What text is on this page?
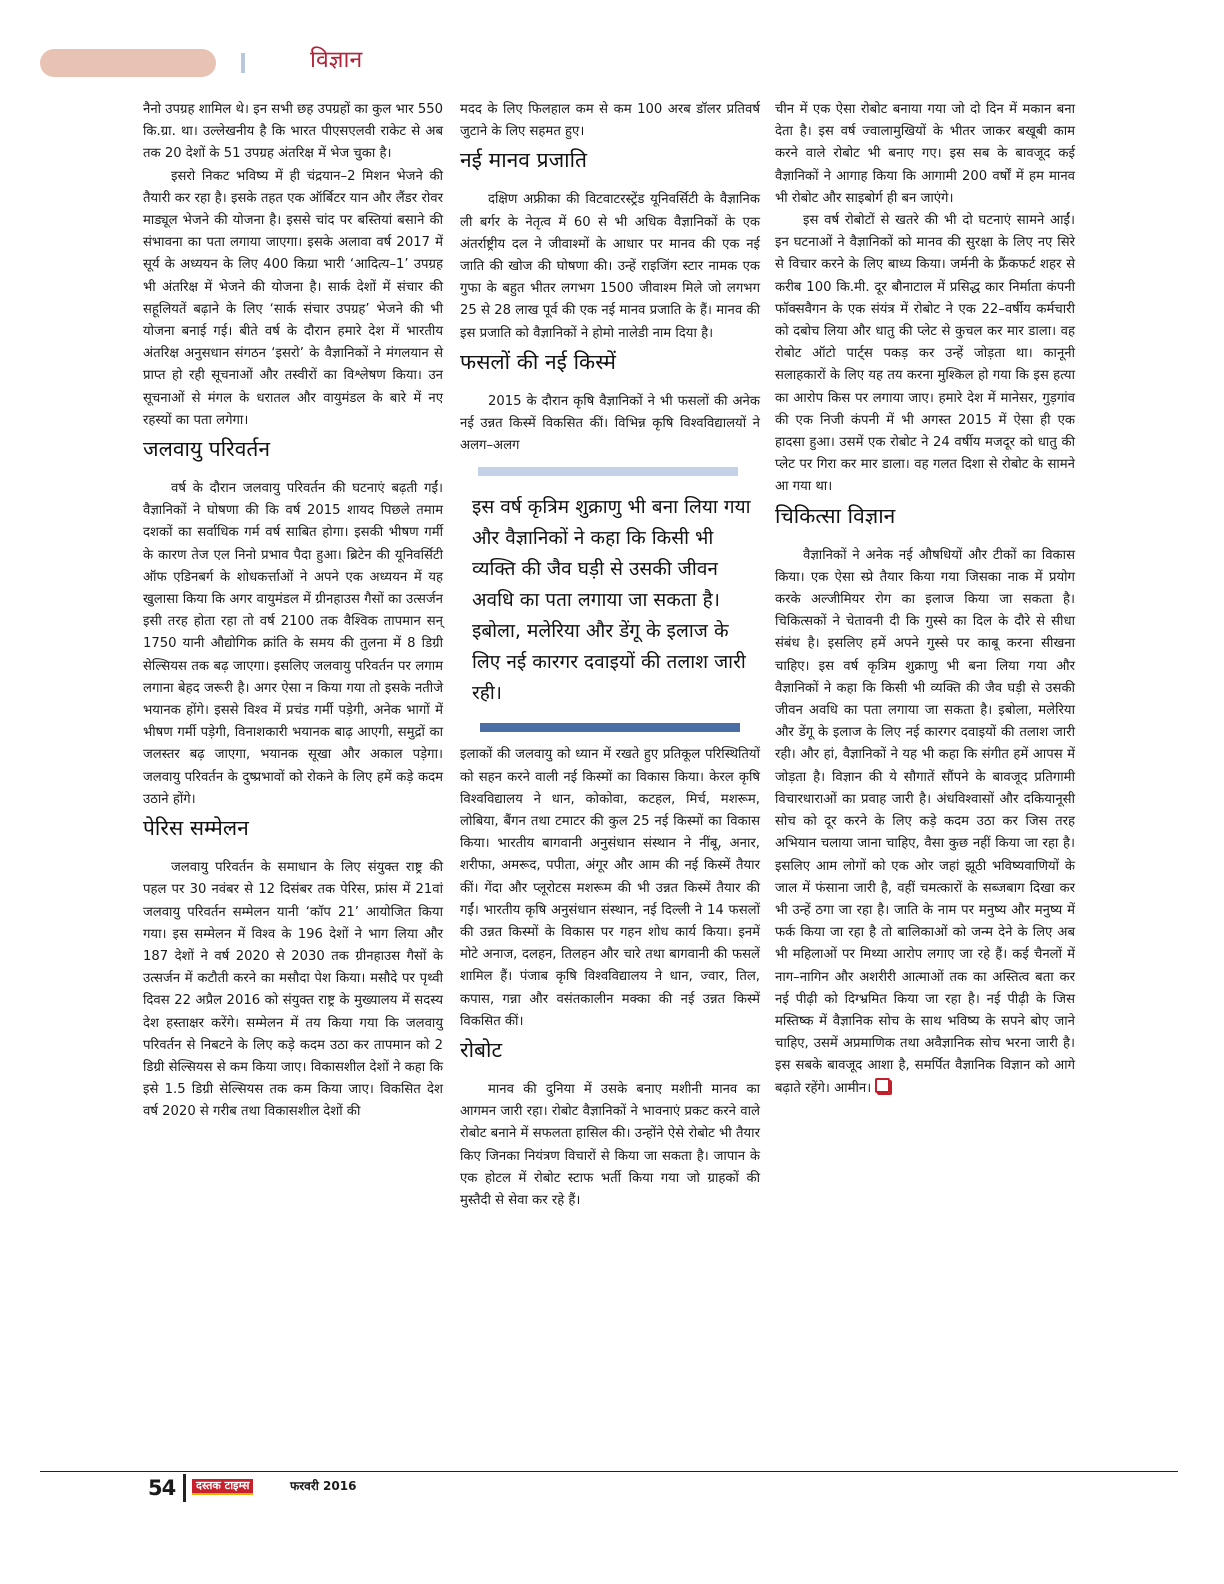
विज्ञान

नैनो उपग्रह शामिल थे। इन सभी छह उपग्रहों का कुल भार 550 कि.ग्रा. था। उल्लेखनीय है कि भारत पीएसएलवी राकेट से अब तक 20 देशों के 51 उपग्रह अंतरिक्ष में भेज चुका है।

इसरो निकट भविष्य में ही चंद्रयान–2 मिशन भेजने की तैयारी कर रहा है। इसके तहत एक ऑर्बिटर यान और लैंडर रोवर माड्यूल भेजने की योजना है। इससे चांद पर बस्तियां बसाने की संभावना का पता लगाया जाएगा। इसके अलावा वर्ष 2017 में सूर्य के अध्ययन के लिए 400 किग्रा भारी ‘आदित्य–1’ उपग्रह भी अंतरिक्ष में भेजने की योजना है। सार्क देशों में संचार की सहूलियतें बढ़ाने के लिए ‘सार्क संचार उपग्रह’ भेजने की भी योजना बनाई गई। बीते वर्ष के दौरान हमारे देश में भारतीय अंतरिक्ष अनुसधान संगठन ‘इसरो’ के वैज्ञानिकों ने मंगलयान से प्राप्त हो रही सूचनाओं और तस्वीरों का विश्लेषण किया। उन सूचनाओं से मंगल के धरातल और वायुमंडल के बारे में नए रहस्यों का पता लगेगा।

जलवायु परिवर्तन

वर्ष के दौरान जलवायु परिवर्तन की घटनाएं बढ़ती गईं। वैज्ञानिकों ने घोषणा की कि वर्ष 2015 शायद पिछले तमाम दशकों का सर्वाधिक गर्म वर्ष साबित होगा। इसकी भीषण गर्मी के कारण तेज एल निनो प्रभाव पैदा हुआ। ब्रिटेन की यूनिवर्सिटी ऑफ एडिनबर्ग के शोधकर्त्ताओं ने अपने एक अध्ययन में यह खुलासा किया कि अगर वायुमंडल में ग्रीनहाउस गैसों का उत्सर्जन इसी तरह होता रहा तो वर्ष 2100 तक वैश्विक तापमान सन् 1750 यानी औद्योगिक क्रांति के समय की तुलना में 8 डिग्री सेल्सियस तक बढ़ जाएगा। इसलिए जलवायु परिवर्तन पर लगाम लगाना बेहद जरूरी है। अगर ऐसा न किया गया तो इसके नतीजे भयानक होंगे। इससे विश्व में प्रचंड गर्मी पड़ेगी, अनेक भागों में भीषण गर्मी पड़ेगी, विनाशकारी भयानक बाढ़ आएगी, समुद्रों का जलस्तर बढ़ जाएगा, भयानक सूखा और अकाल पड़ेगा। जलवायु परिवर्तन के दुष्प्रभावों को रोकने के लिए हमें कड़े कदम उठाने होंगे।

पेरिस सम्मेलन

जलवायु परिवर्तन के समाधान के लिए संयुक्त राष्ट्र की पहल पर 30 नवंबर से 12 दिसंबर तक पेरिस, फ्रांस में 21वां जलवायु परिवर्तन सम्मेलन यानी ‘कॉप 21’ आयोजित किया गया। इस सम्मेलन में विश्व के 196 देशों ने भाग लिया और 187 देशों ने वर्ष 2020 से 2030 तक ग्रीनहाउस गैसों के उत्सर्जन में कटौती करने का मसौदा पेश किया। मसौदे पर पृथ्वी दिवस 22 अप्रैल 2016 को संयुक्त राष्ट्र के मुख्यालय में सदस्य देश हस्ताक्षर करेंगे। सम्मेलन में तय किया गया कि जलवायु परिवर्तन से निबटने के लिए कड़े कदम उठा कर तापमान को 2 डिग्री सेल्सियस से कम किया जाए। विकासशील देशों ने कहा कि इसे 1.5 डिग्री सेल्सियस तक कम किया जाए। विकसित देश वर्ष 2020 से गरीब तथा विकासशील देशों की

मदद के लिए फिलहाल कम से कम 100 अरब डॉलर प्रतिवर्ष जुटाने के लिए सहमत हुए।

नई मानव प्रजाति

दक्षिण अफ्रीका की विटवाटरस्ट्रेंड यूनिवर्सिटी के वैज्ञानिक ली बर्गर के नेतृत्व में 60 से भी अधिक वैज्ञानिकों के एक अंतर्राष्ट्रीय दल ने जीवाश्मों के आधार पर मानव की एक नई जाति की खोज की घोषणा की। उन्हें राइजिंग स्टार नामक एक गुफा के बहुत भीतर लगभग 1500 जीवाश्म मिले जो लगभग 25 से 28 लाख पूर्व की एक नई मानव प्रजाति के हैं। मानव की इस प्रजाति को वैज्ञानिकों ने होमो नालेडी नाम दिया है।

फसलों की नई किस्में

2015 के दौरान कृषि वैज्ञानिकों ने भी फसलों की अनेक नई उन्नत किस्में विकसित कीं। विभिन्न कृषि विश्वविद्यालयों ने अलग–अलग

इस वर्ष कृत्रिम शुक्राणु भी बना लिया गया और वैज्ञानिकों ने कहा कि किसी भी व्यक्ति की जैव घड़ी से उसकी जीवन अवधि का पता लगाया जा सकता है। इबोला, मलेरिया और डेंगू के इलाज के लिए नई कारगर दवाइयों की तलाश जारी रही।

इलाकों की जलवायु को ध्यान में रखते हुए प्रतिकूल परिस्थितियों को सहन करने वाली नई किस्मों का विकास किया। केरल कृषि विश्वविद्यालय ने धान, कोकोवा, कटहल, मिर्च, मशरूम, लोबिया, बैंगन तथा टमाटर की कुल 25 नई किस्मों का विकास किया। भारतीय बागवानी अनुसंधान संस्थान ने नींबू, अनार, शरीफा, अमरूद, पपीता, अंगूर और आम की नई किस्में तैयार कीं। गेंदा और प्लूरोटस मशरूम की भी उन्नत किस्में तैयार की गईं। भारतीय कृषि अनुसंधान संस्थान, नई दिल्ली ने 14 फसलों की उन्नत किस्मों के विकास पर गहन शोध कार्य किया। इनमें मोटे अनाज, दलहन, तिलहन और चारे तथा बागवानी की फसलें शामिल हैं। पंजाब कृषि विश्वविद्यालय ने धान, ज्वार, तिल, कपास, गन्ना और वसंतकालीन मक्का की नई उन्नत किस्में विकसित कीं।

रोबोट

मानव की दुनिया में उसके बनाए मशीनी मानव का आगमन जारी रहा। रोबोट वैज्ञानिकों ने भावनाएं प्रकट करने वाले रोबोट बनाने में सफलता हासिल की। उन्होंने ऐसे रोबोट भी तैयार किए जिनका नियंत्रण विचारों से किया जा सकता है। जापान के एक होटल में रोबोट स्टाफ भर्ती किया गया जो ग्राहकों की मुस्तैदी से सेवा कर रहे हैं।

चीन में एक ऐसा रोबोट बनाया गया जो दो दिन में मकान बना देता है। इस वर्ष ज्वालामुखियों के भीतर जाकर बखूबी काम करने वाले रोबोट भी बनाए गए। इस सब के बावजूद कई वैज्ञानिकों ने आगाह किया कि आगामी 200 वर्षों में हम मानव भी रोबोट और साइबोर्ग ही बन जाएंगे।

इस वर्ष रोबोटों से खतरे की भी दो घटनाएं सामने आईं। इन घटनाओं ने वैज्ञानिकों को मानव की सुरक्षा के लिए नए सिरे से विचार करने के लिए बाध्य किया। जर्मनी के फ्रैंकफर्ट शहर से करीब 100 कि.मी. दूर बौनाटाल में प्रसिद्ध कार निर्माता कंपनी फॉक्सवैगन के एक संयंत्र में रोबोट ने एक 22–वर्षीय कर्मचारी को दबोच लिया और धातु की प्लेट से कुचल कर मार डाला। वह रोबोट ऑटो पार्ट्स पकड़ कर उन्हें जोड़ता था। कानूनी सलाहकारों के लिए यह तय करना मुश्किल हो गया कि इस हत्या का आरोप किस पर लगाया जाए। हमारे देश में मानेसर, गुड़गांव की एक निजी कंपनी में भी अगस्त 2015 में ऐसा ही एक हादसा हुआ। उसमें एक रोबोट ने 24 वर्षीय मजदूर को धातु की प्लेट पर गिरा कर मार डाला। वह गलत दिशा से रोबोट के सामने आ गया था।

चिकित्सा विज्ञान

वैज्ञानिकों ने अनेक नई औषधियों और टीकों का विकास किया। एक ऐसा स्प्रे तैयार किया गया जिसका नाक में प्रयोग करके अल्जीमियर रोग का इलाज किया जा सकता है। चिकित्सकों ने चेतावनी दी कि गुस्से का दिल के दौरे से सीधा संबंध है। इसलिए हमें अपने गुस्से पर काबू करना सीखना चाहिए। इस वर्ष कृत्रिम शुक्राणु भी बना लिया गया और वैज्ञानिकों ने कहा कि किसी भी व्यक्ति की जैव घड़ी से उसकी जीवन अवधि का पता लगाया जा सकता है। इबोला, मलेरिया और डेंगू के इलाज के लिए नई कारगर दवाइयों की तलाश जारी रही। और हां, वैज्ञानिकों ने यह भी कहा कि संगीत हमें आपस में जोड़ता है। विज्ञान की ये सौगातें सौंपने के बावजूद प्रतिगामी विचारधाराओं का प्रवाह जारी है। अंधविश्वासों और दकियानूसी सोच को दूर करने के लिए कड़े कदम उठा कर जिस तरह अभियान चलाया जाना चाहिए, वैसा कुछ नहीं किया जा रहा है। इसलिए आम लोगों को एक ओर जहां झूठी भविष्यवाणियों के जाल में फंसाना जारी है, वहीं चमत्कारों के सब्जबाग दिखा कर भी उन्हें ठगा जा रहा है। जाति के नाम पर मनुष्य और मनुष्य में फर्क किया जा रहा है तो बालिकाओं को जन्म देने के लिए अब भी महिलाओं पर मिथ्या आरोप लगाए जा रहे हैं। कई चैनलों में नाग–नागिन और अशरीरी आत्माओं तक का अस्तित्व बता कर नई पीढ़ी को दिग्भ्रमित किया जा रहा है। नई पीढ़ी के जिस मस्तिष्क में वैज्ञानिक सोच के साथ भविष्य के सपने बोए जाने चाहिए, उसमें अप्रमाणिक तथा अवैज्ञानिक सोच भरना जारी है। इस सबके बावजूद आशा है, समर्पित वैज्ञानिक विज्ञान को आगे बढ़ाते रहेंगे। आमीन।

54	दस्तक टाइम्स	फरवरी 2016
